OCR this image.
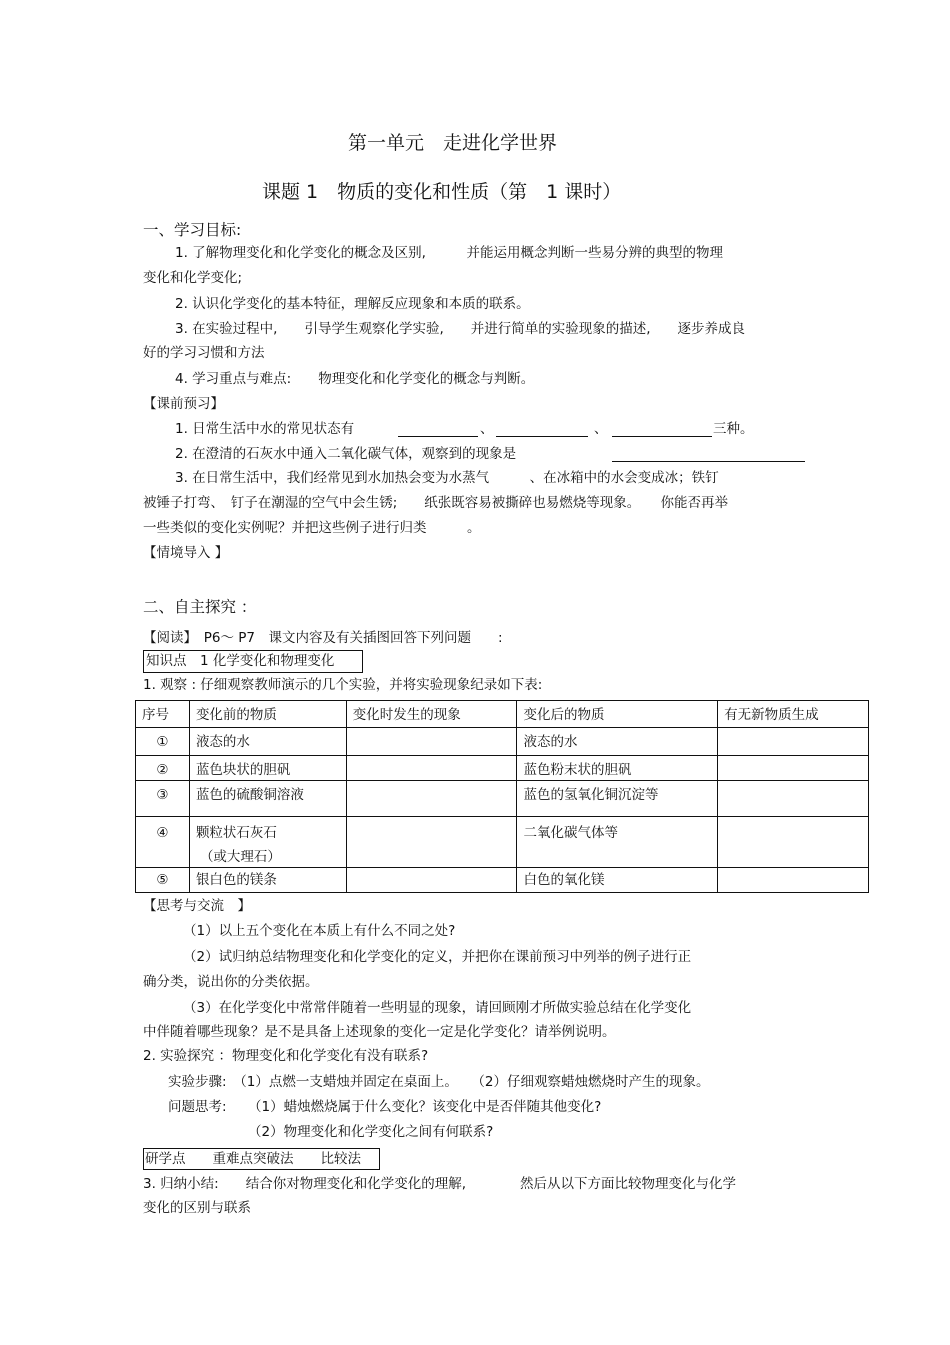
第一单元　走进化学世界
课题 1　物质的变化和性质（第　1 课时）
一、学习目标:
1. 了解物理变化和化学变化的概念及区别,　　　并能运用概念判断一些易分辨的典型的物理
变化和化学变化;
2. 认识化学变化的基本特征，理解反应现象和本质的联系。
3. 在实验过程中,　　引导学生观察化学实验,　　并进行简单的实验现象的描述,　　逐步养成良
好的学习习惯和方法
4. 学习重点与难点:　　物理变化和化学变化的概念与判断。
【课前预习】
1. 日常生活中水的常见状态有	、	、	三种。
2. 在澄清的石灰水中通入二氧化碳气体，观察到的现象是
3. 在日常生活中，我们经常见到水加热会变为水蒸气　　　、在冰箱中的水会变成冰；铁钉
被锤子打弯、　钉子在潮湿的空气中会生锈;　　纸张既容易被撕碎也易燃烧等现象。　　你能否再举
一些类似的变化实例呢？并把这些例子进行归类　　　。
【情境导入 】
二、自主探究 ：
【阅读】　P6～ P7　课文内容及有关插图回答下列问题　　:
知识点　1 化学变化和物理变化
1. 观察 : 仔细观察教师演示的几个实验，并将实验现象纪录如下表:
序号	变化前的物质	变化时发生的现象	变化后的物质	有无新物质生成
①	液态的水		液态的水	
②	蓝色块状的胆矾		蓝色粉末状的胆矾	
③	蓝色的硫酸铜溶液		蓝色的氢氧化铜沉淀等	
④	颗粒状石灰石
（或大理石）		二氧化碳气体等	
⑤	银白色的镁条		白色的氧化镁	
【思考与交流　】
（1）以上五个变化在本质上有什么不同之处?
（2）试归纳总结物理变化和化学变化的定义，并把你在课前预习中列举的例子进行正
确分类，说出你的分类依据。
（3）在化学变化中常常伴随着一些明显的现象，请回顾刚才所做实验总结在化学变化
中伴随着哪些现象？是不是具备上述现象的变化一定是化学变化？请举例说明。
2. 实验探究 ：物理变化和化学变化有没有联系?
实验步骤:　（1）点燃一支蜡烛并固定在桌面上。　　（2）仔细观察蜡烛燃烧时产生的现象。
问题思考: （1）蜡烛燃烧属于什么变化？该变化中是否伴随其他变化?
（2）物理变化和化学变化之间有何联系?
研学点　　重难点突破法　　比较法
3. 归纳小结:　　结合你对物理变化和化学变化的理解,　　　　然后从以下方面比较物理变化与化学
变化的区别与联系
